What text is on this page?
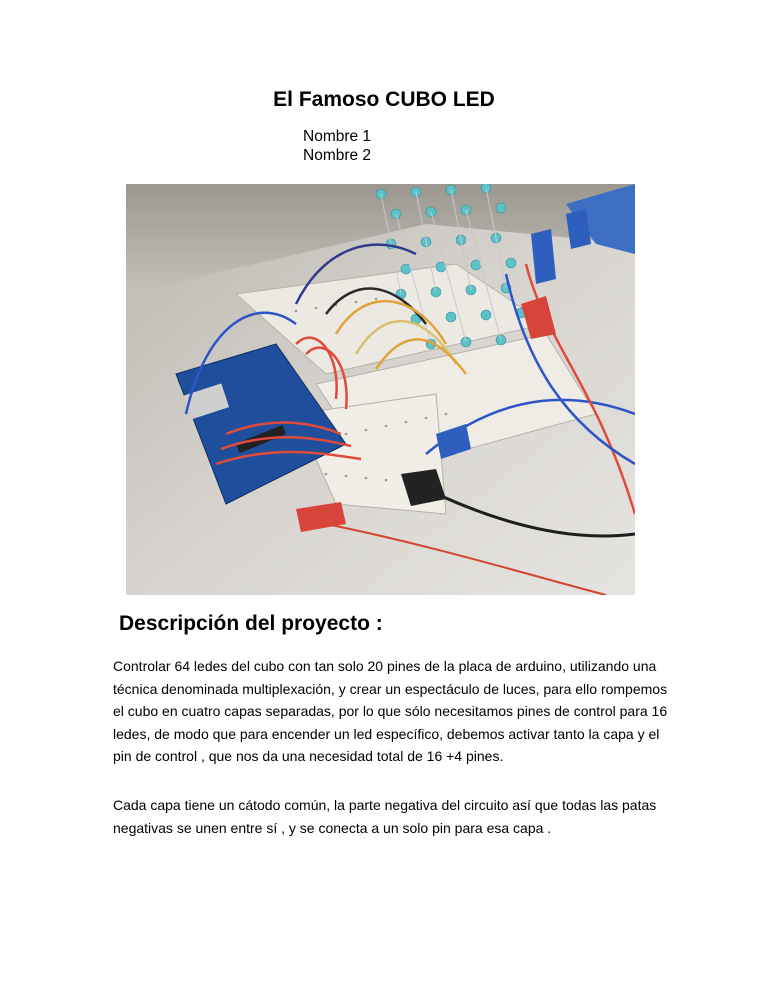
El Famoso CUBO LED
Nombre 1
Nombre 2
Descripción del proyecto :
Controlar 64 ledes del cubo con tan solo 20 pines de la placa de arduino, utilizando una técnica denominada multiplexación, y crear un espectáculo de luces, para ello rompemos el cubo en cuatro capas separadas, por lo que sólo necesitamos pines de control para 16 ledes, de modo que para encender un led específico, debemos activar tanto la capa y el pin de control , que nos da una necesidad total de 16 +4 pines.
Cada capa tiene un cátodo común, la parte negativa del circuito así que todas las patas negativas se unen entre sí , y se conecta a un solo pin para esa capa .
